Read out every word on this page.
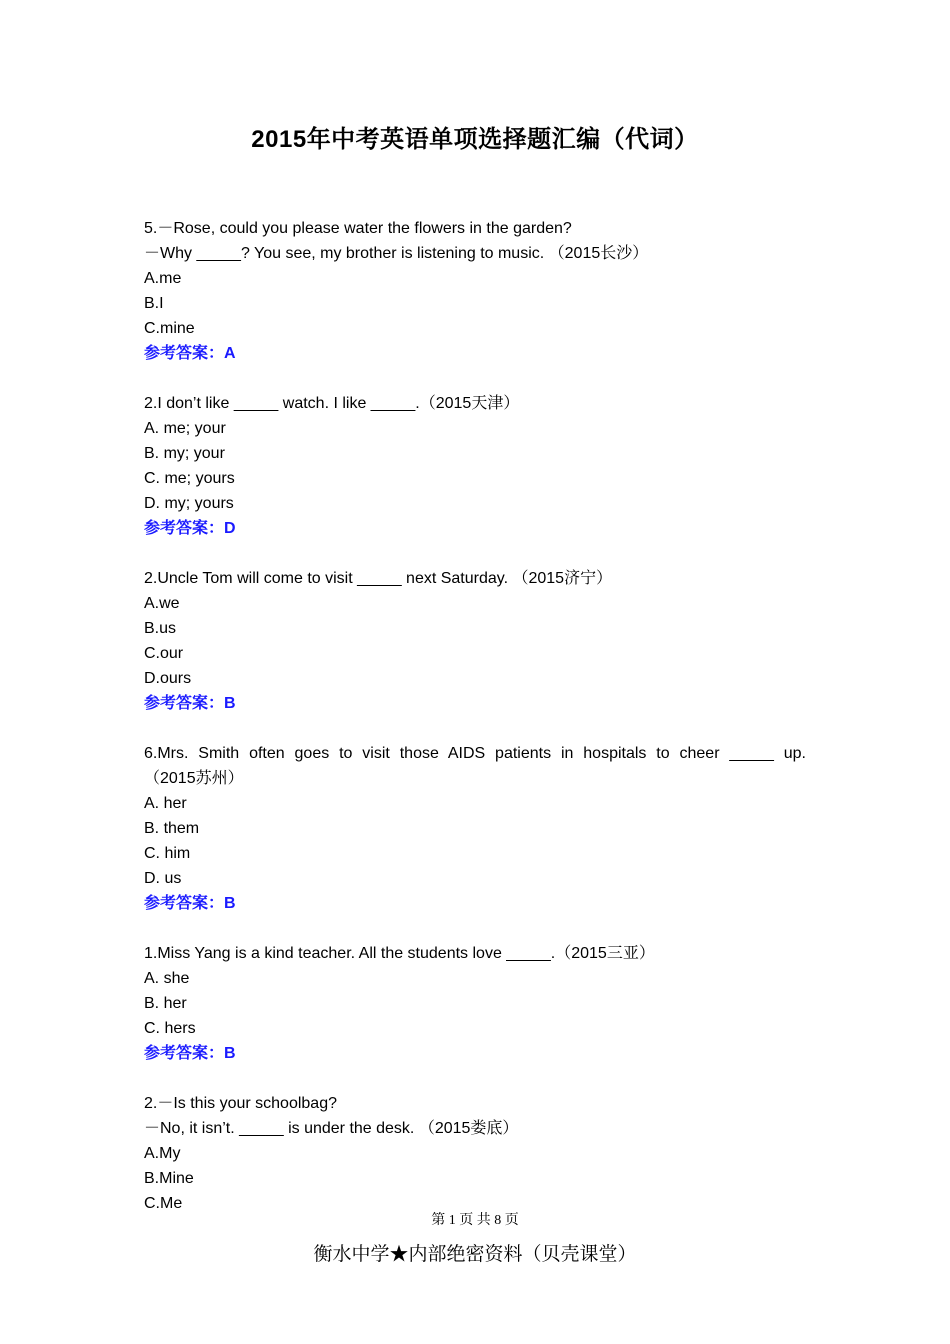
2015年中考英语单项选择题汇编（代词）
5.－Rose, could you please water the flowers in the garden?
－Why _____? You see, my brother is listening to music. （2015长沙）
A.me
B.I
C.mine
参考答案：A
2.I don’t like _____ watch. I like _____.（2015天津）
A. me; your
B. my; your
C. me; yours
D. my; yours
参考答案：D
2.Uncle Tom will come to visit _____ next Saturday. （2015济宁）
A.we
B.us
C.our
D.ours
参考答案：B
6.Mrs. Smith often goes to visit those AIDS patients in hospitals to cheer _____ up.
（2015苏州）
A. her
B. them
C. him
D. us
参考答案：B
1.Miss Yang is a kind teacher. All the students love _____.（2015三亚）
A. she
B. her
C. hers
参考答案：B
2.－Is this your schoolbag?
－No, it isn’t. _____ is under the desk. （2015娄底）
A.My
B.Mine
C.Me
第 1 页 共 8 页
衡水中学★内部绝密资料（贝壳课堂）
